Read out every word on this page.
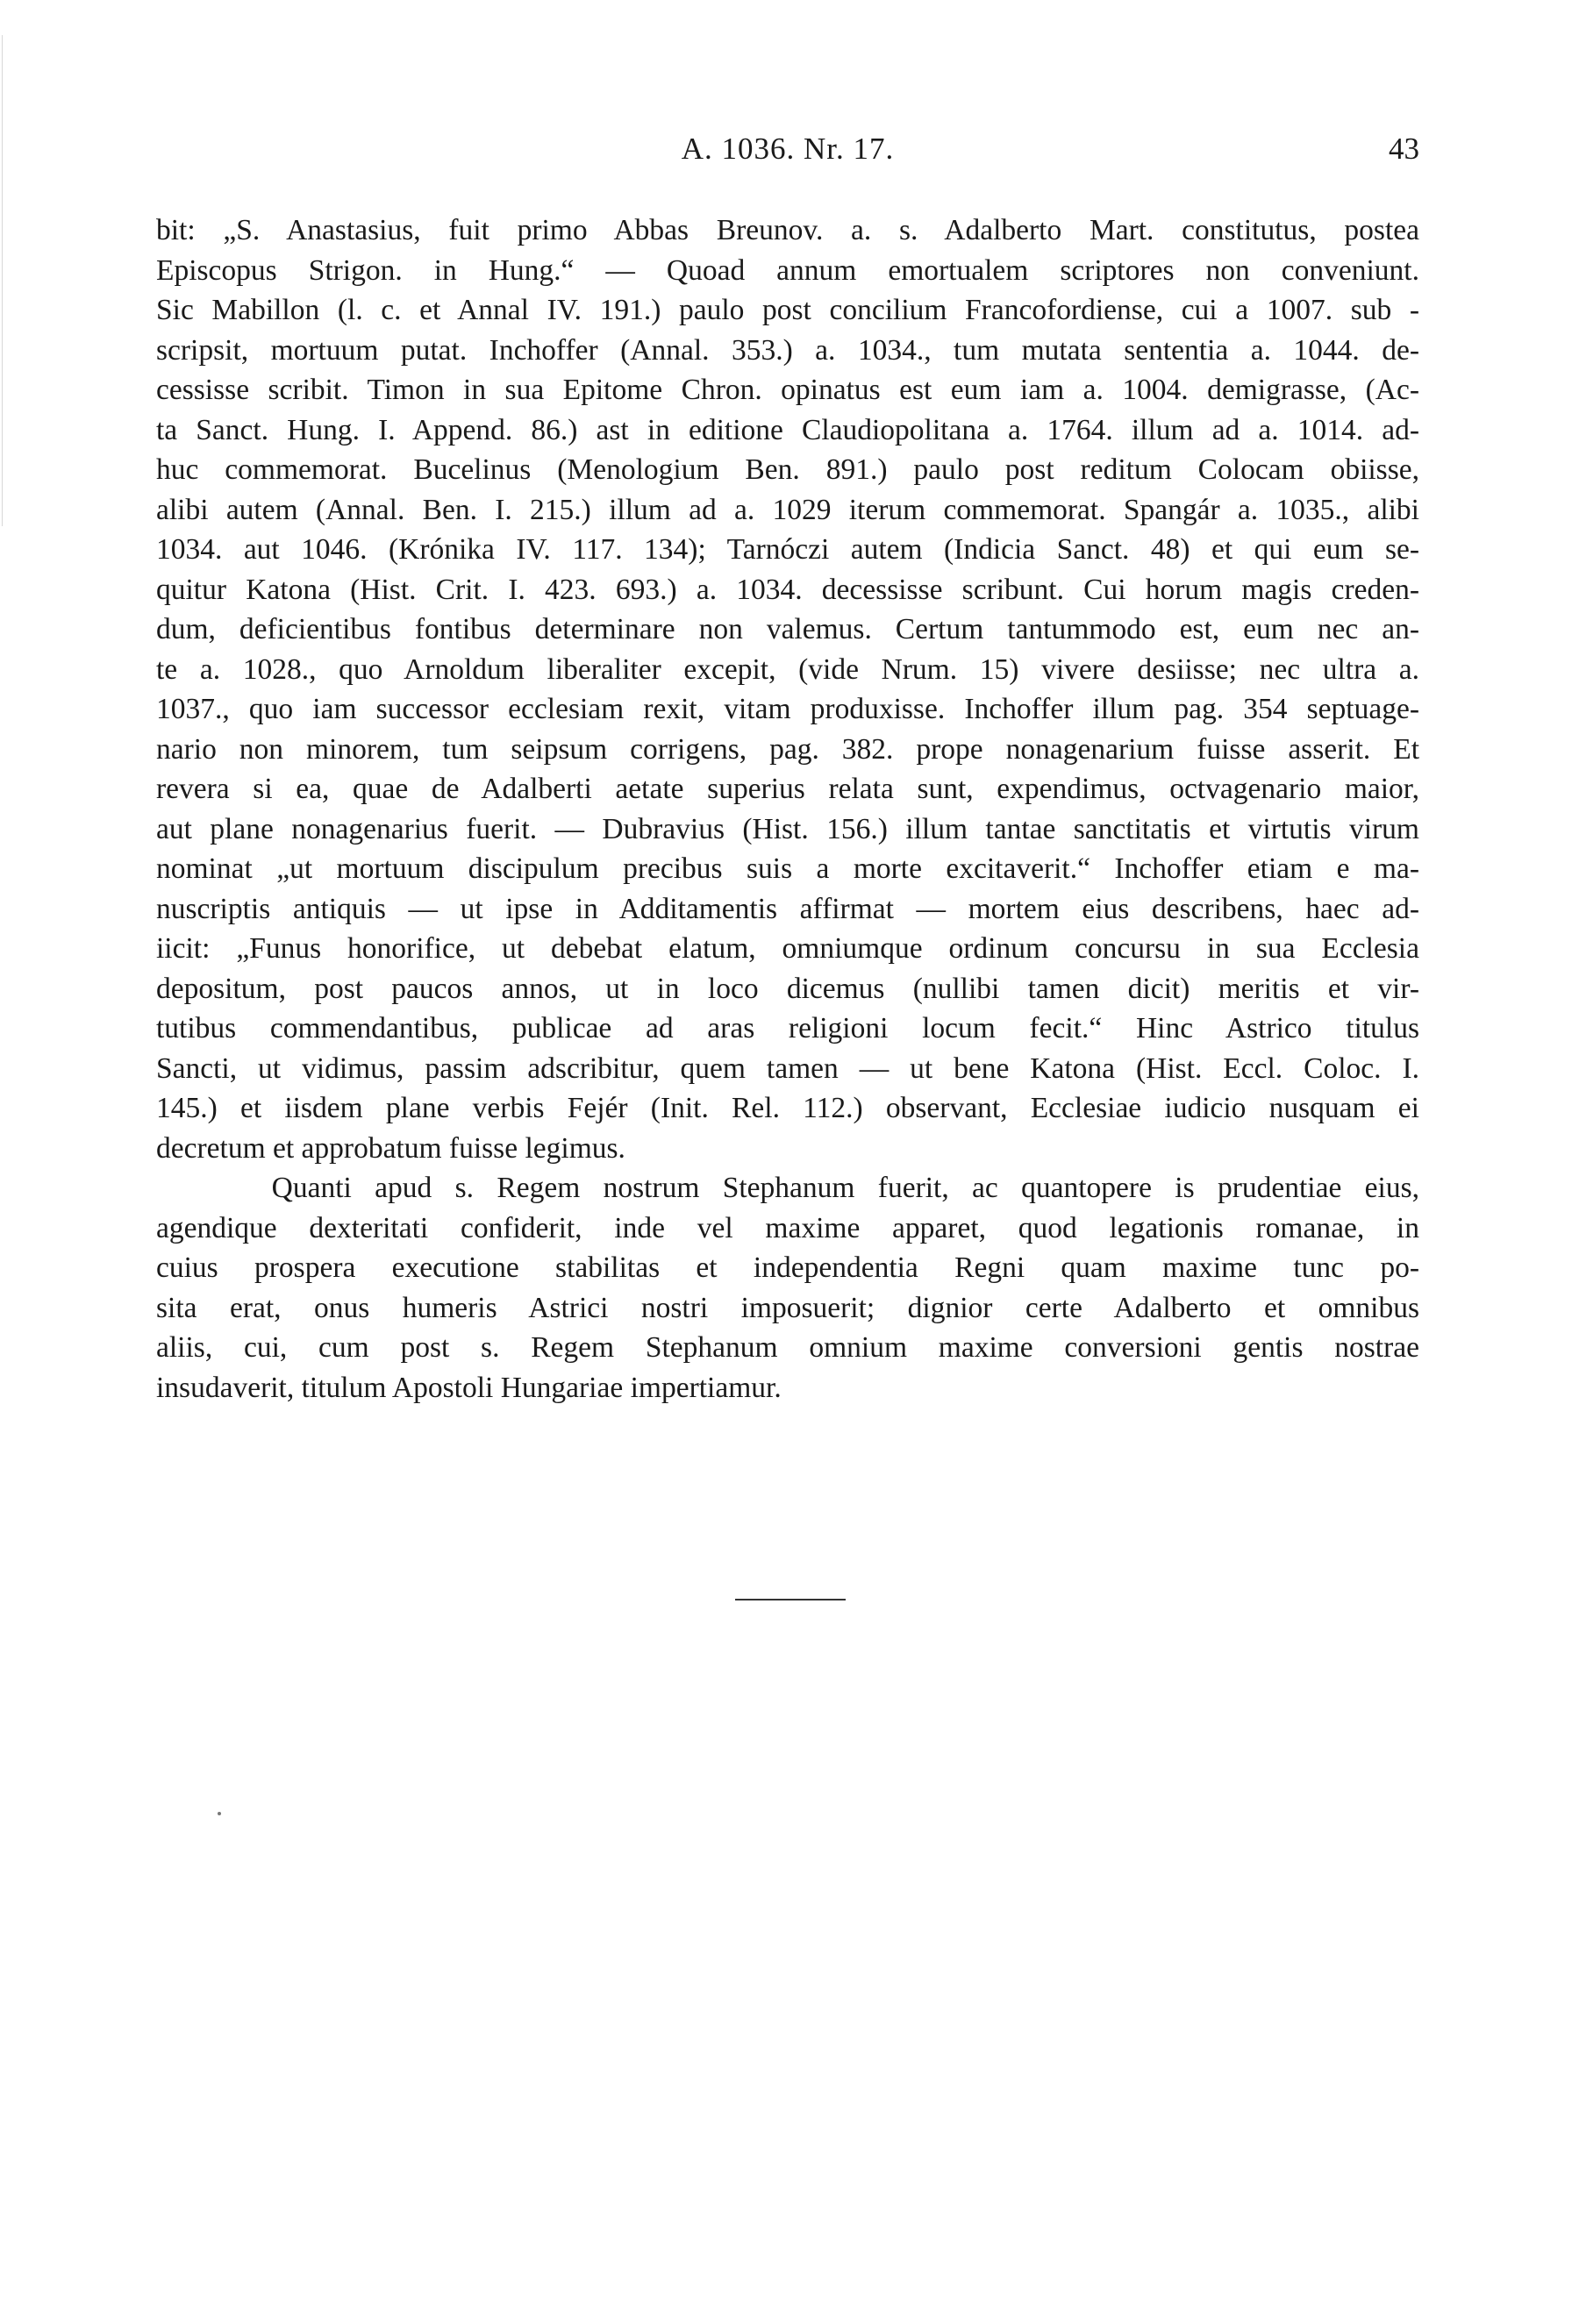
A. 1036. Nr. 17.	43
bit: „S. Anastasius, fuit primo Abbas Breunov. a. s. Adalberto Mart. constitutus, postea
Episcopus Strigon. in Hung.“ — Quoad annum emortualem scriptores non conveniunt.
Sic Mabillon (l. c. et Annal IV. 191.) paulo post concilium Francofordiense, cui a 1007. sub -
scripsit, mortuum putat. Inchoffer (Annal. 353.) a. 1034., tum mutata sententia a. 1044. de-
cessisse scribit. Timon in sua Epitome Chron. opinatus est eum iam a. 1004. demigrasse, (Ac-
ta Sanct. Hung. I. Append. 86.) ast in editione Claudiopolitana a. 1764. illum ad a. 1014. ad-
huc commemorat. Bucelinus (Menologium Ben. 891.) paulo post reditum Colocam obiisse,
alibi autem (Annal. Ben. I. 215.) illum ad a. 1029 iterum commemorat. Spangár a. 1035., alibi
1034. aut 1046. (Krónika IV. 117. 134); Tarnóczi autem (Indicia Sanct. 48) et qui eum se-
quitur Katona (Hist. Crit. I. 423. 693.) a. 1034. decessisse scribunt. Cui horum magis creden-
dum, deficientibus fontibus determinare non valemus. Certum tantummodo est, eum nec an-
te a. 1028., quo Arnoldum liberaliter excepit, (vide Nrum. 15) vivere desiisse; nec ultra a.
1037., quo iam successor ecclesiam rexit, vitam produxisse. Inchoffer illum pag. 354 septuage-
nario non minorem, tum seipsum corrigens, pag. 382. prope nonagenarium fuisse asserit. Et
revera si ea, quae de Adalberti aetate superius relata sunt, expendimus, octvagenario maior,
aut plane nonagenarius fuerit. — Dubravius (Hist. 156.) illum tantae sanctitatis et virtutis virum
nominat „ut mortuum discipulum precibus suis a morte excitaverit.“ Inchoffer etiam e ma-
nuscriptis antiquis — ut ipse in Additamentis affirmat — mortem eius describens, haec ad-
iicit: „Funus honorifice, ut debebat elatum, omniumque ordinum concursu in sua Ecclesia
depositum, post paucos annos, ut in loco dicemus (nullibi tamen dicit) meritis et vir-
tutibus commendantibus, publicae ad aras religioni locum fecit.“ Hinc Astrico titulus
Sancti, ut vidimus, passim adscribitur, quem tamen — ut bene Katona (Hist. Eccl. Coloc. I.
145.) et iisdem plane verbis Fejér (Init. Rel. 112.) observant, Ecclesiae iudicio nusquam ei
decretum et approbatum fuisse legimus.
Quanti apud s. Regem nostrum Stephanum fuerit, ac quantopere is prudentiae eius,
agendique dexteritati confiderit, inde vel maxime apparet, quod legationis romanae, in
cuius prospera executione stabilitas et independentia Regni quam maxime tunc po-
sita erat, onus humeris Astrici nostri imposuerit; dignior certe Adalberto et omnibus
aliis, cui, cum post s. Regem Stephanum omnium maxime conversioni gentis nostrae
insudaverit, titulum Apostoli Hungariae impertiamur.
